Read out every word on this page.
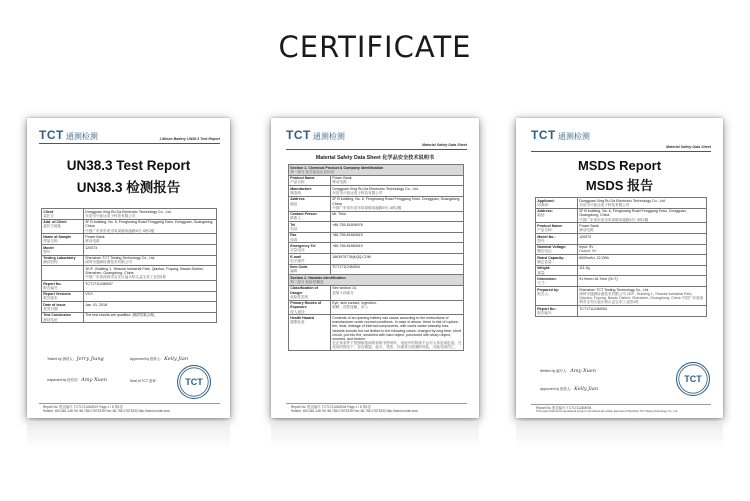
CERTIFICATE
TCT 通测检测	Lithium Battery UN38.3 Test Report
UN38.3 Test Report
UN38.3 检测报告
Client
委托方	Dongguan Xing Ru Da Electronic Technology Co., Ltd.
东莞市兴茹达电子科技有限公司

Add. of Client
委托方地址	2F B building, No. 6, Fenghuang Road Fenggang Town, Dongguan, Guangdong, China
中国广东省东莞市凤岗镇凤凰路6号, 6栋2楼

Name of Sample
样品名称	Power Bank
移动电源

Model
型号	120073
Testing Laboratory
测试机构	Shenzhen TCT Testing Technology Co., Ltd.
深圳市通测检测技术有限公司

	1E/F., Building 1, Yibaolai Industrial Park, Qiaotou, Fuyong, Baoan District, Shenzhen, Guangdong, China
中国广东省深圳市宝安区福永桥头益宝来工业园1栋

Report No.
报告编号	TCT171124M007
Report Versions
报告版本	V9.0
Date of issue
签发日期	Jan. 01, 2018
Test Conclusion
测试结论	The test results are qualified. 测试结果合格。
Tested by 测试人: Jerry Jiang	Approved by 批准人: Kelly Jian
Inspected by 检验员: Amy Xuen	Seal of TCT 盖章:	TCT
Report No. 报告编号: TCT171124M007 Page 1 / 8 第1页
Hotline: 400-661-148 Tel: 86-755-27673339 Fax: 86-755-27673332 http://www.tct-lab.com
TCT 通测检测
Material Safety Data Sheet
Material Safety Data Sheet 化学品安全技术说明书
Section 1- Chemical Product & Company Identification
第一部分 化学品及企业标识	

Product Name
产品名称	Power Bank
移动电源

Manufacture
制造商	Dongguan Xing Ru Da Electronic Technology Co., Ltd.
东莞市兴茹达电子科技有限公司

Address
地址	2F B building, No. 6, Fenghuang Road Fenggang Town, Dongguan, Guangdong, China
中国广东省东莞市凤岗镇凤凰路6号, 6栋2楼

Contact Person
联系人	Mr. Tims
Tel
电话	+86-755-81608978
Fax
传真	+86-755-81660619
Emergency Tel
应急电话	+86-755-81660619
E-mail
电子邮件	1663975776@QQ.COM
Item Code
编码	TCT171124M004
Section 2- Hazards Identification
第二部分 危险性概述	

Classification of Danger
危险性类别	See section 14.
见第十四部分

Primary Routes of Exposure
侵入途径	Eye, skin contact, ingestion.
眼睛、皮肤接触、食入

Health Hazard
健康危害	Contents of an opening battery can cause according to the instructions of manufacturer under normal conditions. In case of abuse, there is risk of rupture, fire, heat, leakage of internal components, with could cause casualty loss. Vessels include but not limited to the following cases: charged by long time, short circuit, put into fire, smashed with hard object, punctured with sharp object, crushed, and broken.
在正常条件下按照制造商的说明书使用时，电池中的物质不会对人体造成危害。在误用的情况下，存在破裂、起火、发热、内部成分泄漏的风险，可能导致伤亡。
Report No. 报告编号: TCT171124M004 Page 1 / 8 第1页
Hotline: 400-661-148 Tel: 86-755-27673339 Fax: 86-755-27673332 http://www.tct-lab.com
TCT 通测检测
Material Safety Data Sheet
MSDS Report
MSDS 报告
Applicant:
申请商:	Dongguan Xing Ru Da Electronic Technology Co., Ltd.
东莞市兴茹达电子科技有限公司

Address:
地址:	2F B building, No. 6, Fenghuang Road Fenggang Town, Dongguan, Guangdong, China
中国广东省东莞市凤岗镇凤凰路6号, 6栋2楼

Product Name:
产品名称:	Power Bank
移动电源

Model No.:
型号:	120073
Nominal Voltage:
额定电压:	Input: 5V
Output: 5V

Rated Capacity:
额定容量:	6000mAh, 22.2Wh
Weight:
重量:	111.2g
Dimension:
尺寸:	91.9mm×16.7mm (D×T)
Prepared by:
报告人:	Shenzhen TCT Testing Technology Co., Ltd.
深圳市通测检测技术有限公司 1E/F., Building 1, Yibaolai Industrial Park, Qiaotou, Fuyong, Baoan District, Shenzhen, Guangdong, China 中国广东省深圳市宝安区福永桥头益宝来工业园1栋

Report No.:
报告编号:	TCT171124M004
Written by 编写人: Amy Xuen
Approved by 批准人: Kelly Jian
TCT
Report No. 报告编号: TCT171124M004
This report shall not be reproduced except in full without the written approval of Shenzhen TCT Testing Technology Co., Ltd.
